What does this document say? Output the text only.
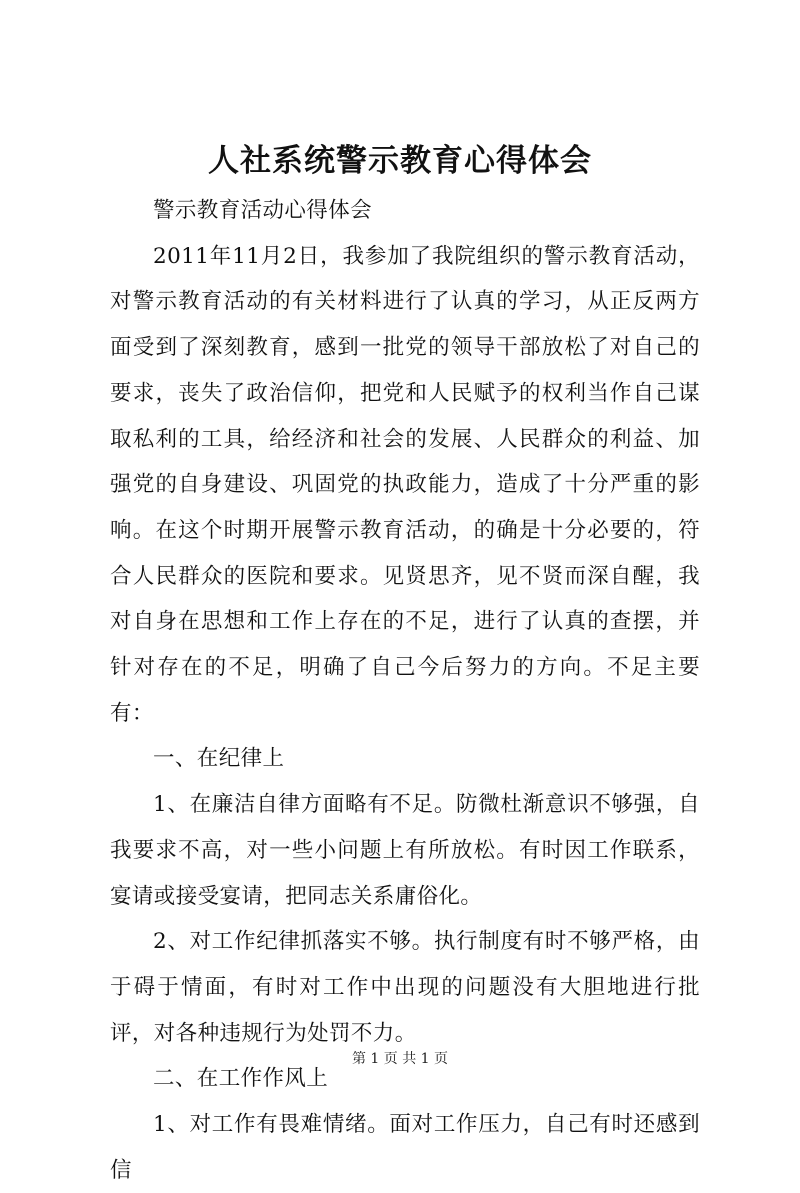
人社系统警示教育心得体会

警示教育活动心得体会

2011年11月2日，我参加了我院组织的警示教育活动，对警示教育活动的有关材料进行了认真的学习，从正反两方面受到了深刻教育，感到一批党的领导干部放松了对自己的要求，丧失了政治信仰，把党和人民赋予的权利当作自己谋取私利的工具，给经济和社会的发展、人民群众的利益、加强党的自身建设、巩固党的执政能力，造成了十分严重的影响。在这个时期开展警示教育活动，的确是十分必要的，符合人民群众的医院和要求。见贤思齐，见不贤而深自醒，我对自身在思想和工作上存在的不足，进行了认真的查摆，并针对存在的不足，明确了自己今后努力的方向。不足主要有：

一、在纪律上

1、在廉洁自律方面略有不足。防微杜渐意识不够强，自我要求不高，对一些小问题上有所放松。有时因工作联系，宴请或接受宴请，把同志关系庸俗化。

2、对工作纪律抓落实不够。执行制度有时不够严格，由于碍于情面，有时对工作中出现的问题没有大胆地进行批评，对各种违规行为处罚不力。

二、在工作作风上

1、对工作有畏难情绪。面对工作压力，自己有时还感到信

第 1 页 共 1 页
